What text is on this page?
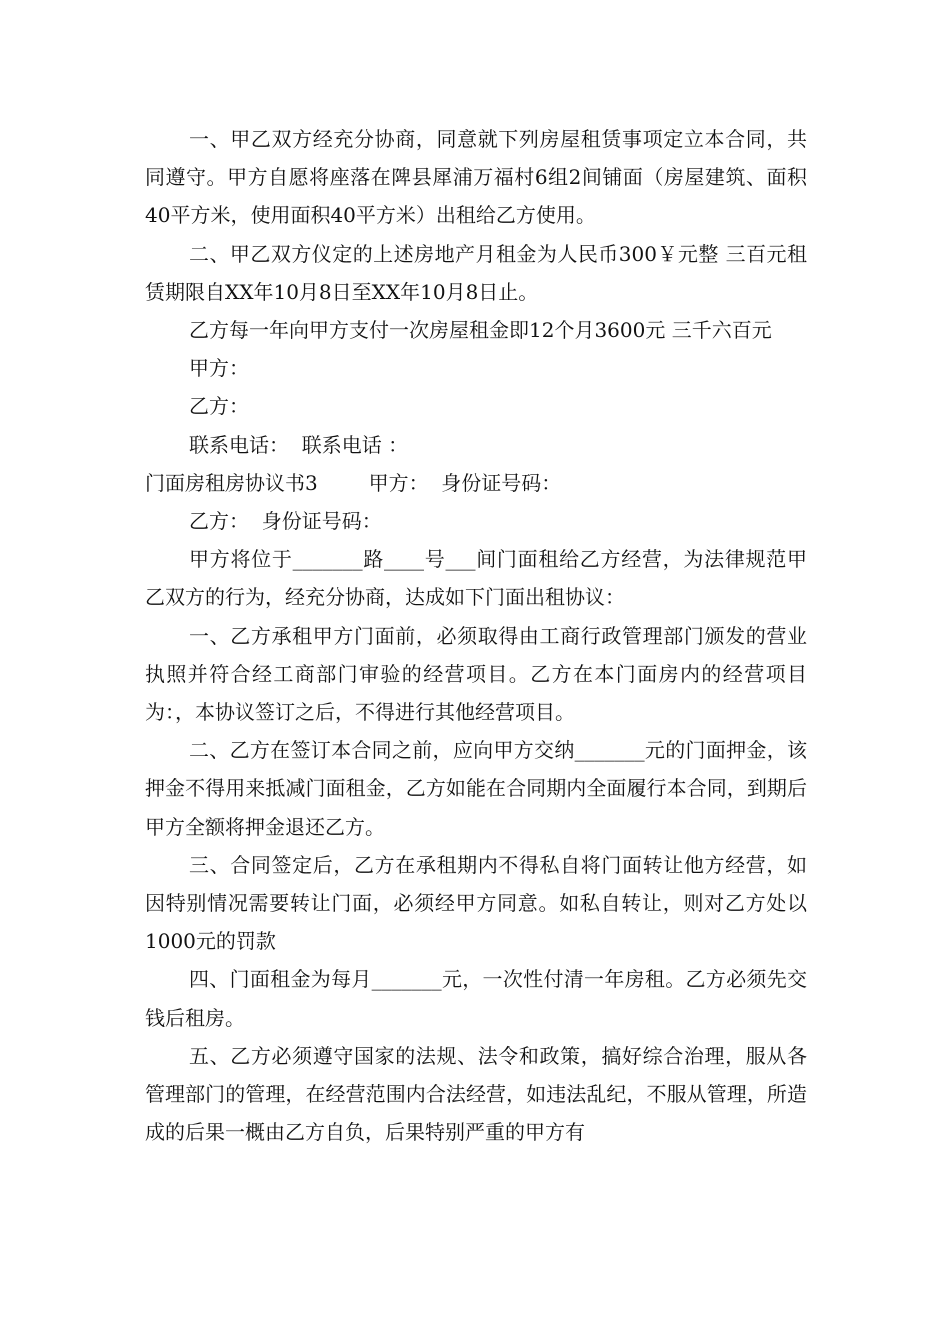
一、甲乙双方经充分协商，同意就下列房屋租赁事项定立本合同，共同遵守。甲方自愿将座落在陴县犀浦万福村6组2间铺面（房屋建筑、面积40平方米，使用面积40平方米）出租给乙方使用。

二、甲乙双方仪定的上述房地产月租金为人民币300￥元整 三百元租赁期限自XX年10月8日至XX年10月8日止。

乙方每一年向甲方支付一次房屋租金即12个月3600元 三千六百元

甲方：

乙方：

联系电话：  联系电话 ：

门面房租房协议书3        甲方：  身份证号码：

乙方：  身份证号码：

甲方将位于_______路____号___间门面租给乙方经营，为法律规范甲乙双方的行为，经充分协商，达成如下门面出租协议：

一、乙方承租甲方门面前，必须取得由工商行政管理部门颁发的营业执照并符合经工商部门审验的经营项目。乙方在本门面房内的经营项目为：，本协议签订之后，不得进行其他经营项目。

二、乙方在签订本合同之前，应向甲方交纳_______元的门面押金，该押金不得用来抵减门面租金，乙方如能在合同期内全面履行本合同，到期后甲方全额将押金退还乙方。

三、合同签定后，乙方在承租期内不得私自将门面转让他方经营，如因特别情况需要转让门面，必须经甲方同意。如私自转让，则对乙方处以1000元的罚款

四、门面租金为每月_______元，一次性付清一年房租。乙方必须先交钱后租房。

五、乙方必须遵守国家的法规、法令和政策，搞好综合治理，服从各管理部门的管理，在经营范围内合法经营，如违法乱纪，不服从管理，所造成的后果一概由乙方自负，后果特别严重的甲方有
